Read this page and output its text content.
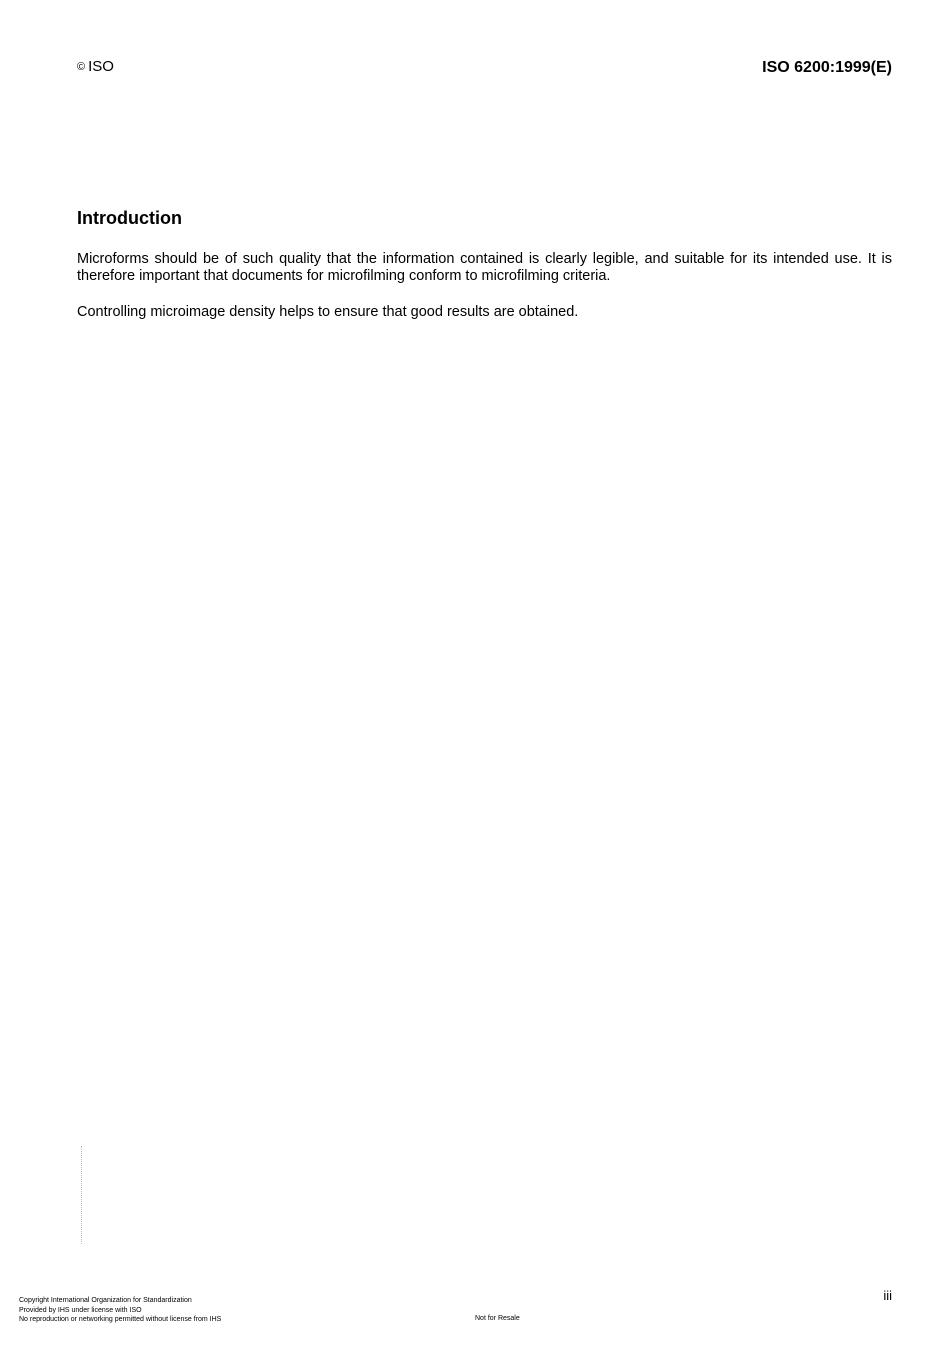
© ISO	ISO 6200:1999(E)
Introduction

Microforms should be of such quality that the information contained is clearly legible, and suitable for its intended use. It is therefore important that documents for microfilming conform to microfilming criteria.

Controlling microimage density helps to ensure that good results are obtained.

iii
Copyright International Organization for Standardization
Provided by IHS under license with ISO
No reproduction or networking permitted without license from IHS	Not for Resale
